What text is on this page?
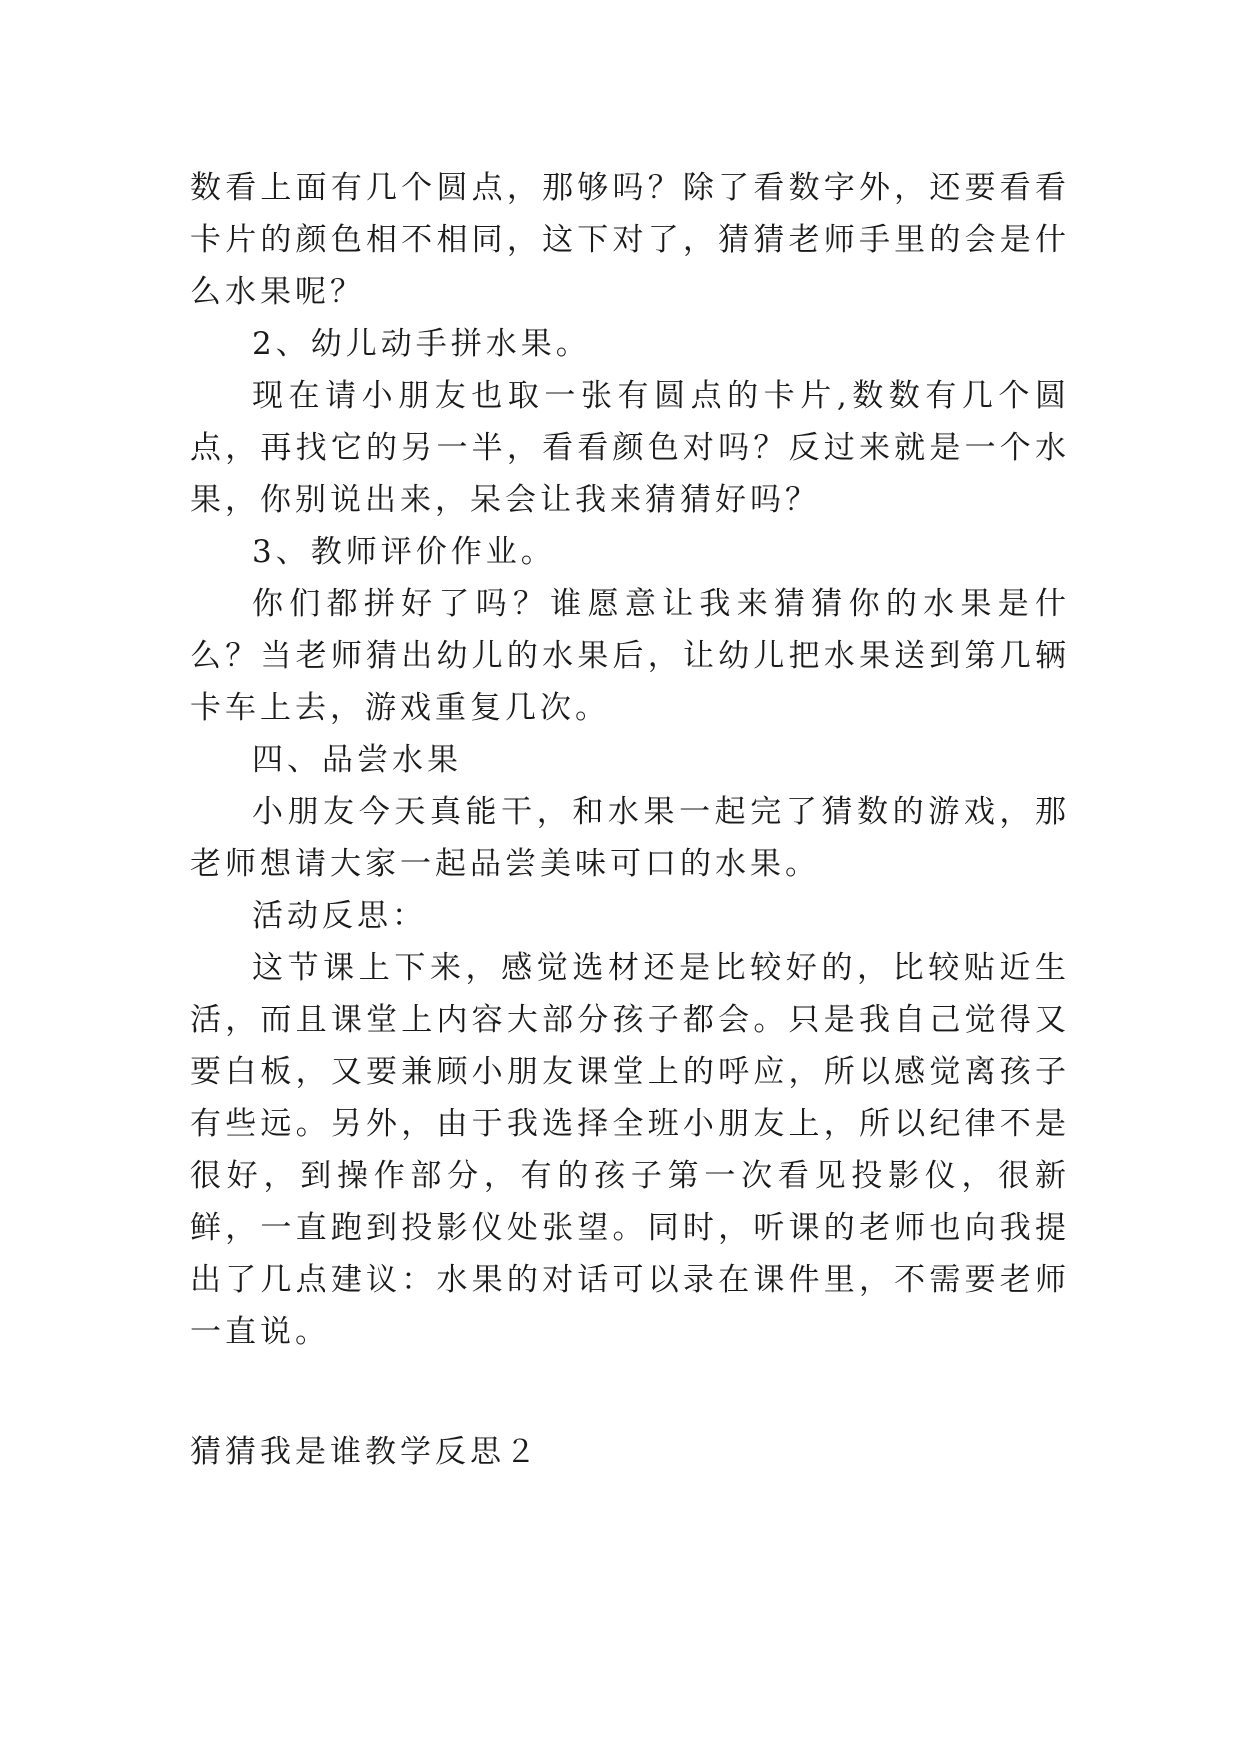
数看上面有几个圆点，那够吗？除了看数字外，还要看看卡片的颜色相不相同，这下对了，猜猜老师手里的会是什么水果呢？

2、幼儿动手拼水果。

现在请小朋友也取一张有圆点的卡片,数数有几个圆点，再找它的另一半，看看颜色对吗？反过来就是一个水果，你别说出来，呆会让我来猜猜好吗？

3、教师评价作业。

你们都拼好了吗？谁愿意让我来猜猜你的水果是什么？当老师猜出幼儿的水果后，让幼儿把水果送到第几辆卡车上去，游戏重复几次。

四、品尝水果

小朋友今天真能干，和水果一起完了猜数的游戏，那老师想请大家一起品尝美味可口的水果。

活动反思：

这节课上下来，感觉选材还是比较好的，比较贴近生活，而且课堂上内容大部分孩子都会。只是我自己觉得又要白板，又要兼顾小朋友课堂上的呼应，所以感觉离孩子有些远。另外，由于我选择全班小朋友上，所以纪律不是很好，到操作部分，有的孩子第一次看见投影仪，很新鲜，一直跑到投影仪处张望。同时，听课的老师也向我提出了几点建议：水果的对话可以录在课件里，不需要老师一直说。

猜猜我是谁教学反思２
